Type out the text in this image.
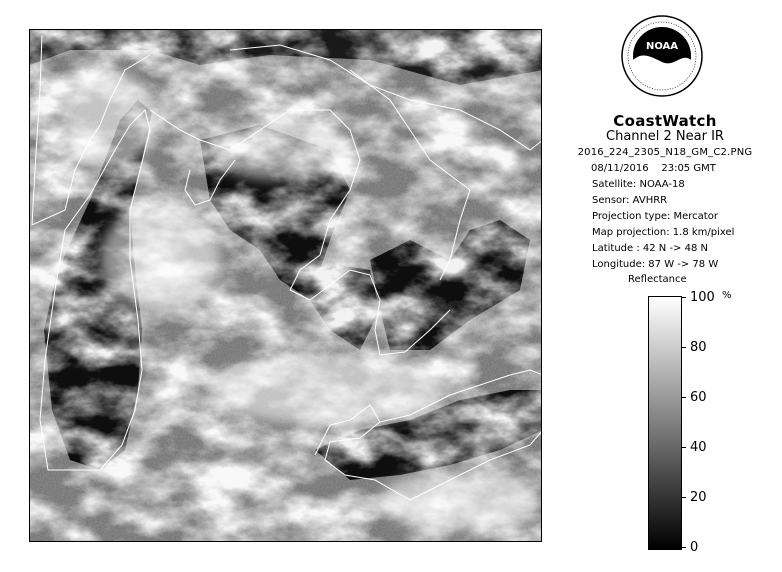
NOAA
CoastWatch
Channel 2 Near IR
2016_224_2305_N18_GM_C2.PNG
08/11/2016    23:05 GMT
Satellite: NOAA-18
Sensor: AVHRR
Projection type: Mercator
Map projection: 1.8 km/pixel
Latitude : 42 N -> 48 N
Longitude: 87 W -> 78 W
Reflectance
%
100
80
60
40
20
0
